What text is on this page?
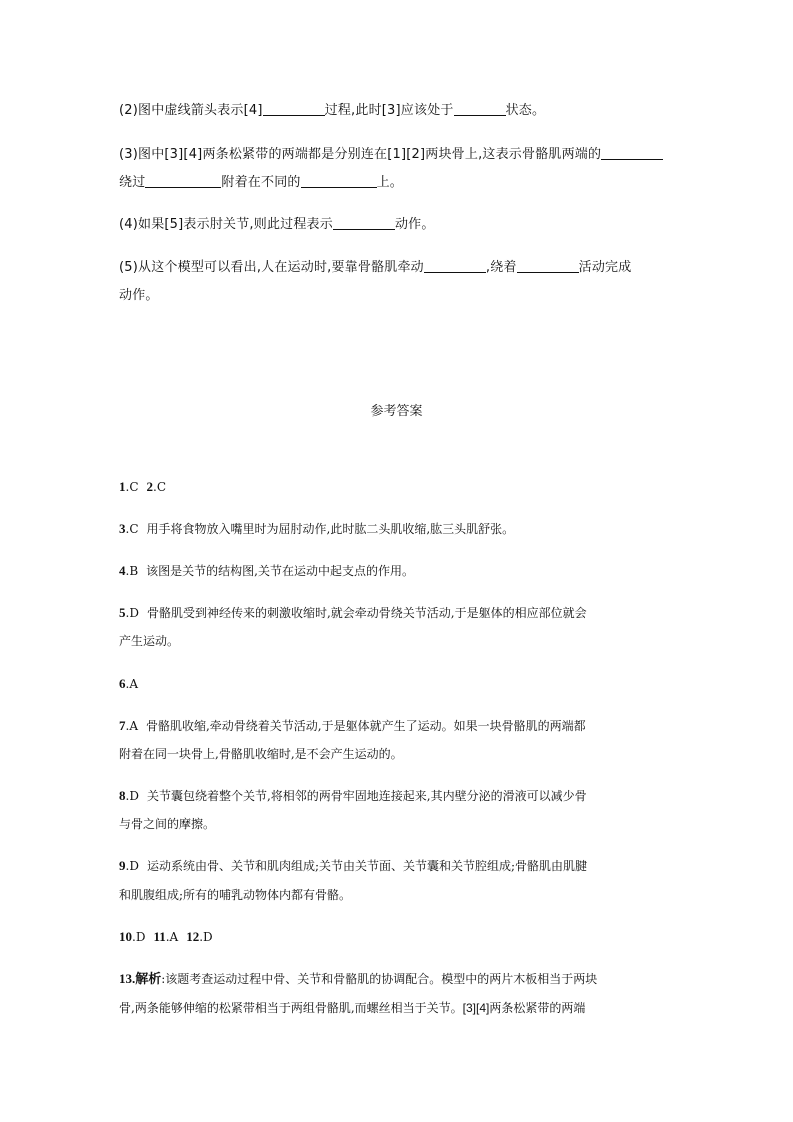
(2)图中虚线箭头表示[4]	过程,此时[3]应该处于	状态。
(3)图中[3][4]两条松紧带的两端都是分别连在[1][2]两块骨上,这表示骨骼肌两端的
绕过	附着在不同的	上。
(4)如果[5]表示肘关节,则此过程表示	动作。
(5)从这个模型可以看出,人在运动时,要靠骨骼肌牵动	,绕着	活动完成
动作。
参考答案
1.C 2.C
3.C 用手将食物放入嘴里时为屈肘动作,此时肱二头肌收缩,肱三头肌舒张。
4.B 该图是关节的结构图,关节在运动中起支点的作用。
5.D 骨骼肌受到神经传来的刺激收缩时,就会牵动骨绕关节活动,于是躯体的相应部位就会
产生运动。
6.A
7.A 骨骼肌收缩,牵动骨绕着关节活动,于是躯体就产生了运动。如果一块骨骼肌的两端都
附着在同一块骨上,骨骼肌收缩时,是不会产生运动的。
8.D 关节囊包绕着整个关节,将相邻的两骨牢固地连接起来,其内壁分泌的滑液可以减少骨
与骨之间的摩擦。
9.D 运动系统由骨、关节和肌肉组成;关节由关节面、关节囊和关节腔组成;骨骼肌由肌腱
和肌腹组成;所有的哺乳动物体内都有骨骼。
10.D 11.A 12.D
13.解析:该题考查运动过程中骨、关节和骨骼肌的协调配合。模型中的两片木板相当于两块
骨,两条能够伸缩的松紧带相当于两组骨骼肌,而螺丝相当于关节。[3][4]两条松紧带的两端
